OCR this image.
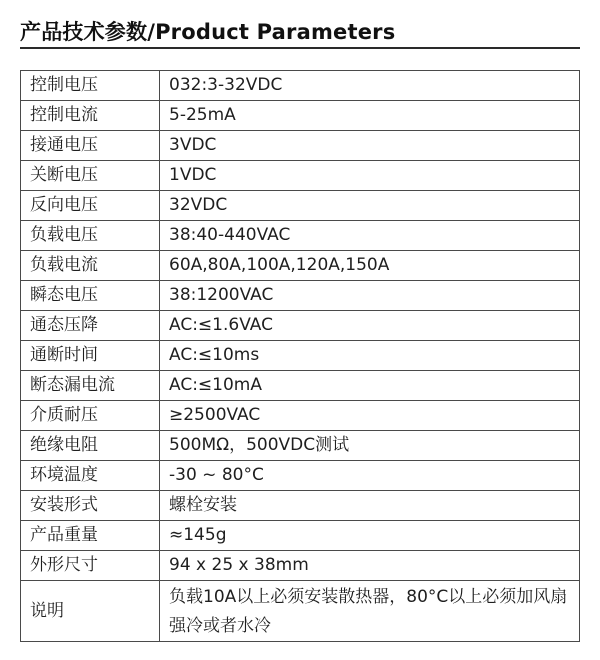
产品技术参数/Product Parameters
控制电压	032:3-32VDC
控制电流	5-25mA
接通电压	3VDC
关断电压	1VDC
反向电压	32VDC
负载电压	38:40-440VAC
负载电流	60A,80A,100A,120A,150A
瞬态电压	38:1200VAC
通态压降	AC:≤1.6VAC
通断时间	AC:≤10ms
断态漏电流	AC:≤10mA
介质耐压	≥2500VAC
绝缘电阻	500MΩ，500VDC测试
环境温度	-30 ~ 80°C
安装形式	螺栓安装
产品重量	≈145g
外形尺寸	94 x 25 x 38mm
说明	负载10A以上必须安装散热器，80°C以上必须加风扇强冷或者水冷
